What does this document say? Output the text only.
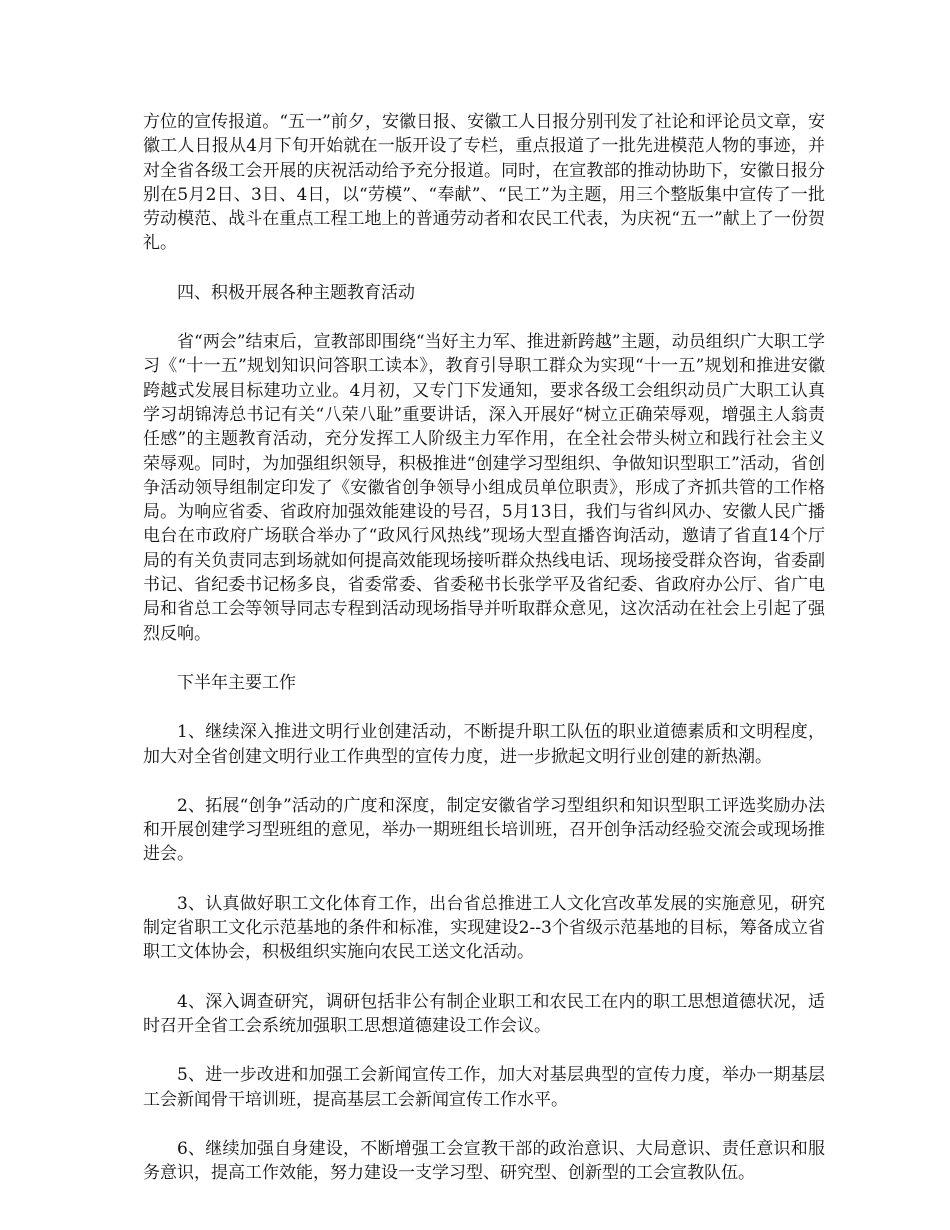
方位的宣传报道。“五一”前夕，安徽日报、安徽工人日报分别刊发了社论和评论员文章，安徽工人日报从4月下旬开始就在一版开设了专栏，重点报道了一批先进模范人物的事迹，并对全省各级工会开展的庆祝活动给予充分报道。同时，在宣教部的推动协助下，安徽日报分别在5月2日、3日、4日，以“劳模”、“奉献”、“民工”为主题，用三个整版集中宣传了一批劳动模范、战斗在重点工程工地上的普通劳动者和农民工代表，为庆祝“五一”献上了一份贺礼。

四、积极开展各种主题教育活动

省“两会”结束后，宣教部即围绕“当好主力军、推进新跨越”主题，动员组织广大职工学习《“十一五”规划知识问答职工读本》，教育引导职工群众为实现“十一五”规划和推进安徽跨越式发展目标建功立业。4月初，又专门下发通知，要求各级工会组织动员广大职工认真学习胡锦涛总书记有关“八荣八耻”重要讲话，深入开展好“树立正确荣辱观，增强主人翁责任感”的主题教育活动，充分发挥工人阶级主力军作用，在全社会带头树立和践行社会主义荣辱观。同时，为加强组织领导，积极推进“创建学习型组织、争做知识型职工”活动，省创争活动领导组制定印发了《安徽省创争领导小组成员单位职责》，形成了齐抓共管的工作格局。为响应省委、省政府加强效能建设的号召，5月13日，我们与省纠风办、安徽人民广播电台在市政府广场联合举办了“政风行风热线”现场大型直播咨询活动，邀请了省直14个厅局的有关负责同志到场就如何提高效能现场接听群众热线电话、现场接受群众咨询，省委副书记、省纪委书记杨多良，省委常委、省委秘书长张学平及省纪委、省政府办公厅、省广电局和省总工会等领导同志专程到活动现场指导并听取群众意见，这次活动在社会上引起了强烈反响。

下半年主要工作

1、继续深入推进文明行业创建活动，不断提升职工队伍的职业道德素质和文明程度，加大对全省创建文明行业工作典型的宣传力度，进一步掀起文明行业创建的新热潮。

2、拓展“创争”活动的广度和深度，制定安徽省学习型组织和知识型职工评选奖励办法和开展创建学习型班组的意见，举办一期班组长培训班，召开创争活动经验交流会或现场推进会。

3、认真做好职工文化体育工作，出台省总推进工人文化宫改革发展的实施意见，研究制定省职工文化示范基地的条件和标准，实现建设2--3个省级示范基地的目标，筹备成立省职工文体协会，积极组织实施向农民工送文化活动。

4、深入调查研究，调研包括非公有制企业职工和农民工在内的职工思想道德状况，适时召开全省工会系统加强职工思想道德建设工作会议。

5、进一步改进和加强工会新闻宣传工作，加大对基层典型的宣传力度，举办一期基层工会新闻骨干培训班，提高基层工会新闻宣传工作水平。

6、继续加强自身建设，不断增强工会宣教干部的政治意识、大局意识、责任意识和服务意识，提高工作效能，努力建设一支学习型、研究型、创新型的工会宣教队伍。
